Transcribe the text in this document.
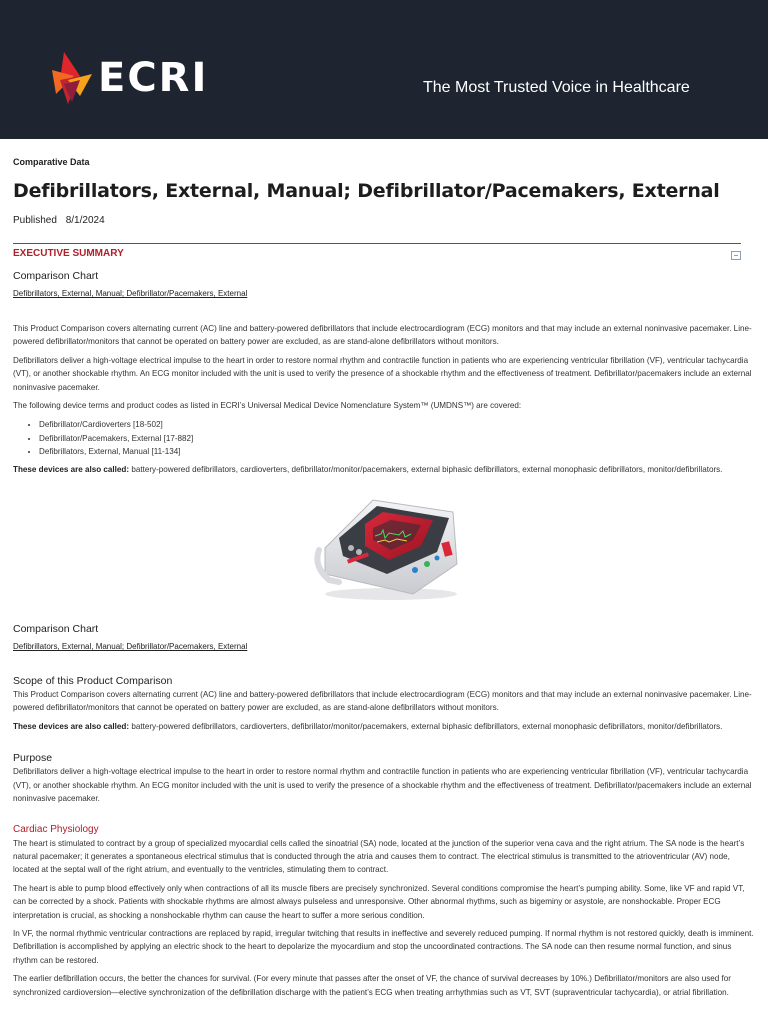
ECRI	The Most Trusted Voice in Healthcare
Comparative Data
Defibrillators, External, Manual; Defibrillator/Pacemakers, External
Published 8/1/2024
EXECUTIVE SUMMARY
Comparison Chart
Defibrillators, External, Manual; Defibrillator/Pacemakers, External

This Product Comparison covers alternating current (AC) line and battery-powered defibrillators that include electrocardiogram (ECG) monitors and that may include an external noninvasive pacemaker. Line-powered defibrillator/monitors that cannot be operated on battery power are excluded, as are stand-alone defibrillators without monitors.

Defibrillators deliver a high-voltage electrical impulse to the heart in order to restore normal rhythm and contractile function in patients who are experiencing ventricular fibrillation (VF), ventricular tachycardia (VT), or another shockable rhythm. An ECG monitor included with the unit is used to verify the presence of a shockable rhythm and the effectiveness of treatment. Defibrillator/pacemakers include an external noninvasive pacemaker.

The following device terms and product codes as listed in ECRI’s Universal Medical Device Nomenclature System™ (UMDNS™) are covered:

• Defibrillator/Cardioverters [18-502]
• Defibrillator/Pacemakers, External [17-882]
• Defibrillators, External, Manual [11-134]

These devices are also called: battery-powered defibrillators, cardioverters, defibrillator/monitor/pacemakers, external biphasic defibrillators, external monophasic defibrillators, monitor/defibrillators.

Comparison Chart
Defibrillators, External, Manual; Defibrillator/Pacemakers, External
Scope of this Product Comparison

This Product Comparison covers alternating current (AC) line and battery-powered defibrillators that include electrocardiogram (ECG) monitors and that may include an external noninvasive pacemaker. Line-powered defibrillator/monitors that cannot be operated on battery power are excluded, as are stand-alone defibrillators without monitors.

These devices are also called: battery-powered defibrillators, cardioverters, defibrillator/monitor/pacemakers, external biphasic defibrillators, external monophasic defibrillators, monitor/defibrillators.

Purpose

Defibrillators deliver a high-voltage electrical impulse to the heart in order to restore normal rhythm and contractile function in patients who are experiencing ventricular fibrillation (VF), ventricular tachycardia (VT), or another shockable rhythm. An ECG monitor included with the unit is used to verify the presence of a shockable rhythm and the effectiveness of treatment. Defibrillator/pacemakers include an external noninvasive pacemaker.

Cardiac Physiology

The heart is stimulated to contract by a group of specialized myocardial cells called the sinoatrial (SA) node, located at the junction of the superior vena cava and the right atrium. The SA node is the heart’s natural pacemaker; it generates a spontaneous electrical stimulus that is conducted through the atria and causes them to contract. The electrical stimulus is transmitted to the atrioventricular (AV) node, located at the septal wall of the right atrium, and eventually to the ventricles, stimulating them to contract.

The heart is able to pump blood effectively only when contractions of all its muscle fibers are precisely synchronized. Several conditions compromise the heart’s pumping ability. Some, like VF and rapid VT, can be corrected by a shock. Patients with shockable rhythms are almost always pulseless and unresponsive. Other abnormal rhythms, such as bigeminy or asystole, are nonshockable. Proper ECG interpretation is crucial, as shocking a nonshockable rhythm can cause the heart to suffer a more serious condition.

In VF, the normal rhythmic ventricular contractions are replaced by rapid, irregular twitching that results in ineffective and severely reduced pumping. If normal rhythm is not restored quickly, death is imminent. Defibrillation is accomplished by applying an electric shock to the heart to depolarize the myocardium and stop the uncoordinated contractions. The SA node can then resume normal function, and sinus rhythm can be restored.

The earlier defibrillation occurs, the better the chances for survival. (For every minute that passes after the onset of VF, the chance of survival decreases by 10%.) Defibrillator/monitors are also used for synchronized cardioversion—elective synchronization of the defibrillation discharge with the patient’s ECG when treating arrhythmias such as VT, SVT (supraventricular tachycardia), or atrial fibrillation.
